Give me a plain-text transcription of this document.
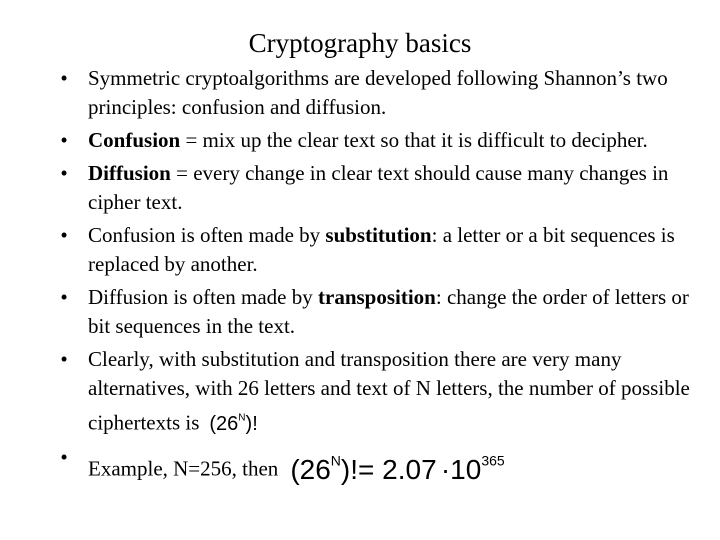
Cryptography basics
• Symmetric cryptoalgorithms are developed following Shannon’s two principles: confusion and diffusion.
• Confusion = mix up the clear text so that it is difficult to decipher.
• Diffusion = every change in clear text should cause many changes in cipher text.
• Confusion is often made by substitution: a letter or a bit sequences is replaced by another.
• Diffusion is often made by transposition: change the order of letters or bit sequences in the text.
• Clearly, with substitution and transposition there are very many alternatives, with 26 letters and text of N letters, the number of possible ciphertexts is $(26^N)$!
• Example, N=256, then $(26^N)!= 2.07 \cdot 10^{365}$
